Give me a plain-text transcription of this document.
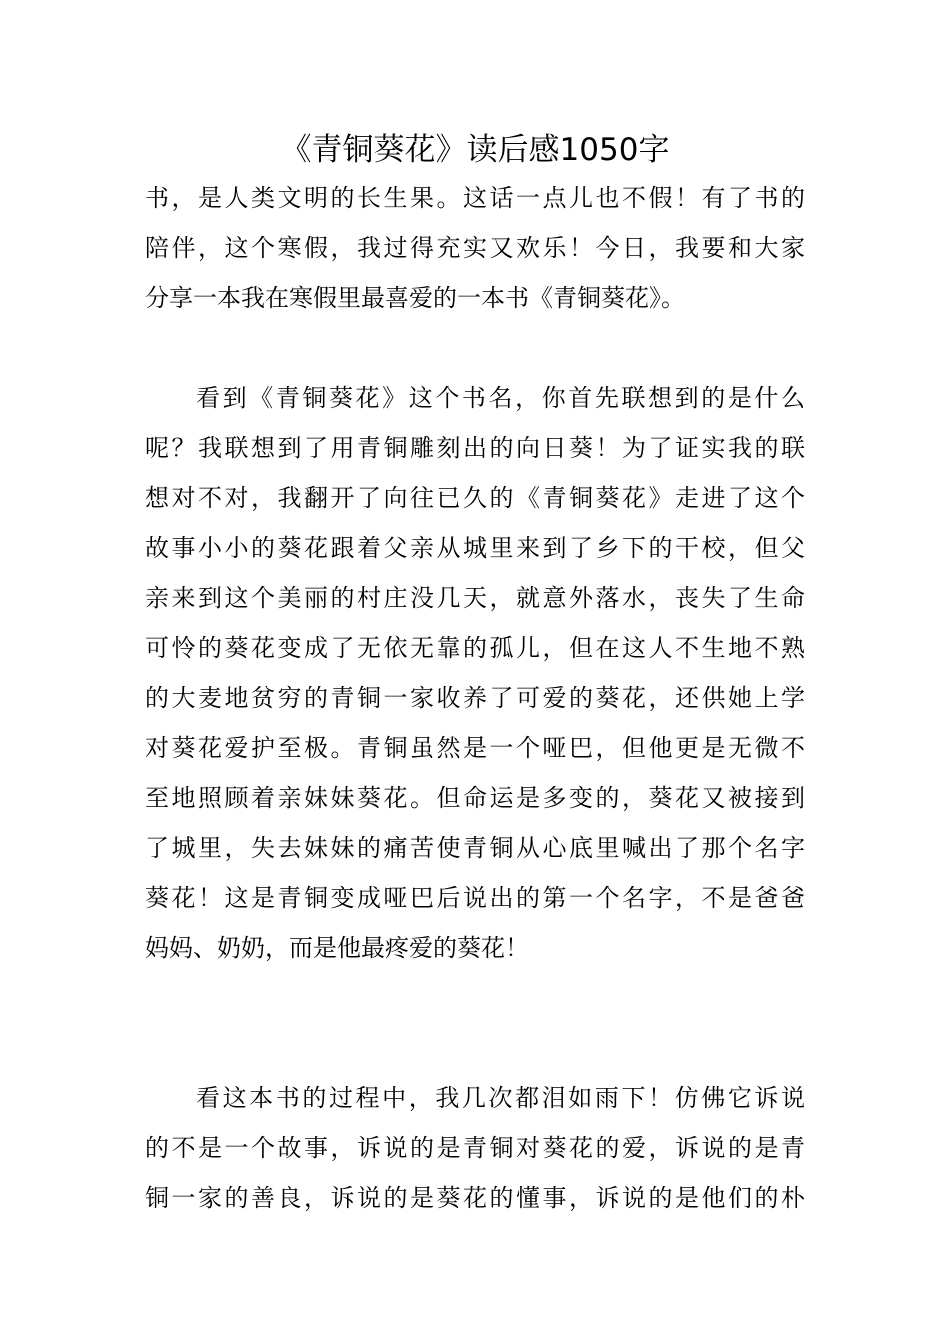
《青铜葵花》读后感1050字
书，是人类文明的长生果。这话一点儿也不假！有了书的
陪伴，这个寒假，我过得充实又欢乐！今日，我要和大家
分享一本我在寒假里最喜爱的一本书《青铜葵花》。
看到《青铜葵花》这个书名，你首先联想到的是什么
呢？我联想到了用青铜雕刻出的向日葵！为了证实我的联
想对不对，我翻开了向往已久的《青铜葵花》走进了这个
故事小小的葵花跟着父亲从城里来到了乡下的干校，但父
亲来到这个美丽的村庄没几天，就意外落水，丧失了生命
可怜的葵花变成了无依无靠的孤儿，但在这人不生地不熟
的大麦地贫穷的青铜一家收养了可爱的葵花，还供她上学
对葵花爱护至极。青铜虽然是一个哑巴，但他更是无微不
至地照顾着亲妹妹葵花。但命运是多变的，葵花又被接到
了城里，失去妹妹的痛苦使青铜从心底里喊出了那个名字
葵花！这是青铜变成哑巴后说出的第一个名字，不是爸爸
妈妈、奶奶，而是他最疼爱的葵花！
看这本书的过程中，我几次都泪如雨下！仿佛它诉说
的不是一个故事，诉说的是青铜对葵花的爱，诉说的是青
铜一家的善良，诉说的是葵花的懂事，诉说的是他们的朴
